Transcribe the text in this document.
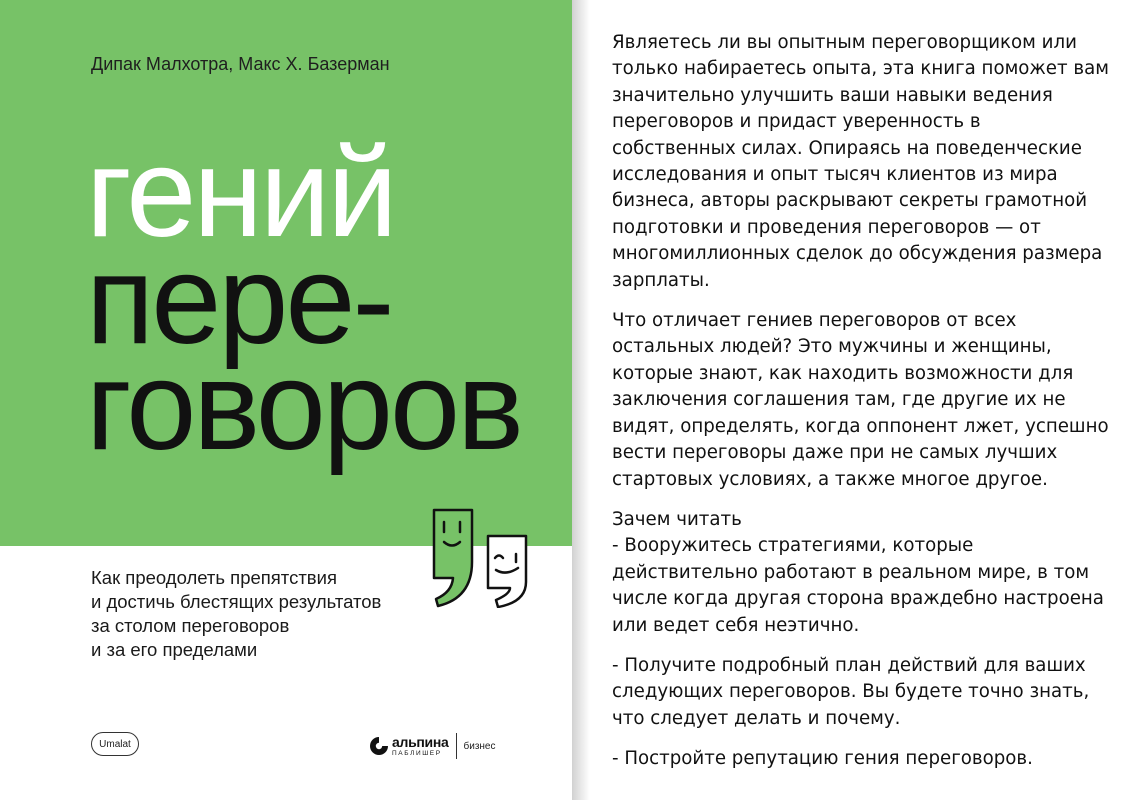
Дипак Малхотра, Макс Х. Базерман
гений
пере-
говоров
Как преодолеть препятствия
и достичь блестящих результатов
за столом переговоров
и за его пределами
Umalat	альпина
ПАБЛИШЕР
бизнес
Являетесь ли вы опытным переговорщиком или
только набираетесь опыта, эта книга поможет вам
значительно улучшить ваши навыки ведения
переговоров и придаст уверенность в
собственных силах. Опираясь на поведенческие
исследования и опыт тысяч клиентов из мира
бизнеса, авторы раскрывают секреты грамотной
подготовки и проведения переговоров — от
многомиллионных сделок до обсуждения размера
зарплаты.
Что отличает гениев переговоров от всех
остальных людей? Это мужчины и женщины,
которые знают, как находить возможности для
заключения соглашения там, где другие их не
видят, определять, когда оппонент лжет, успешно
вести переговоры даже при не самых лучших
стартовых условиях, а также многое другое.
Зачем читать
- Вооружитесь стратегиями, которые
действительно работают в реальном мире, в том
числе когда другая сторона враждебно настроена
или ведет себя неэтично.
- Получите подробный план действий для ваших
следующих переговоров. Вы будете точно знать,
что следует делать и почему.
- Постройте репутацию гения переговоров.
